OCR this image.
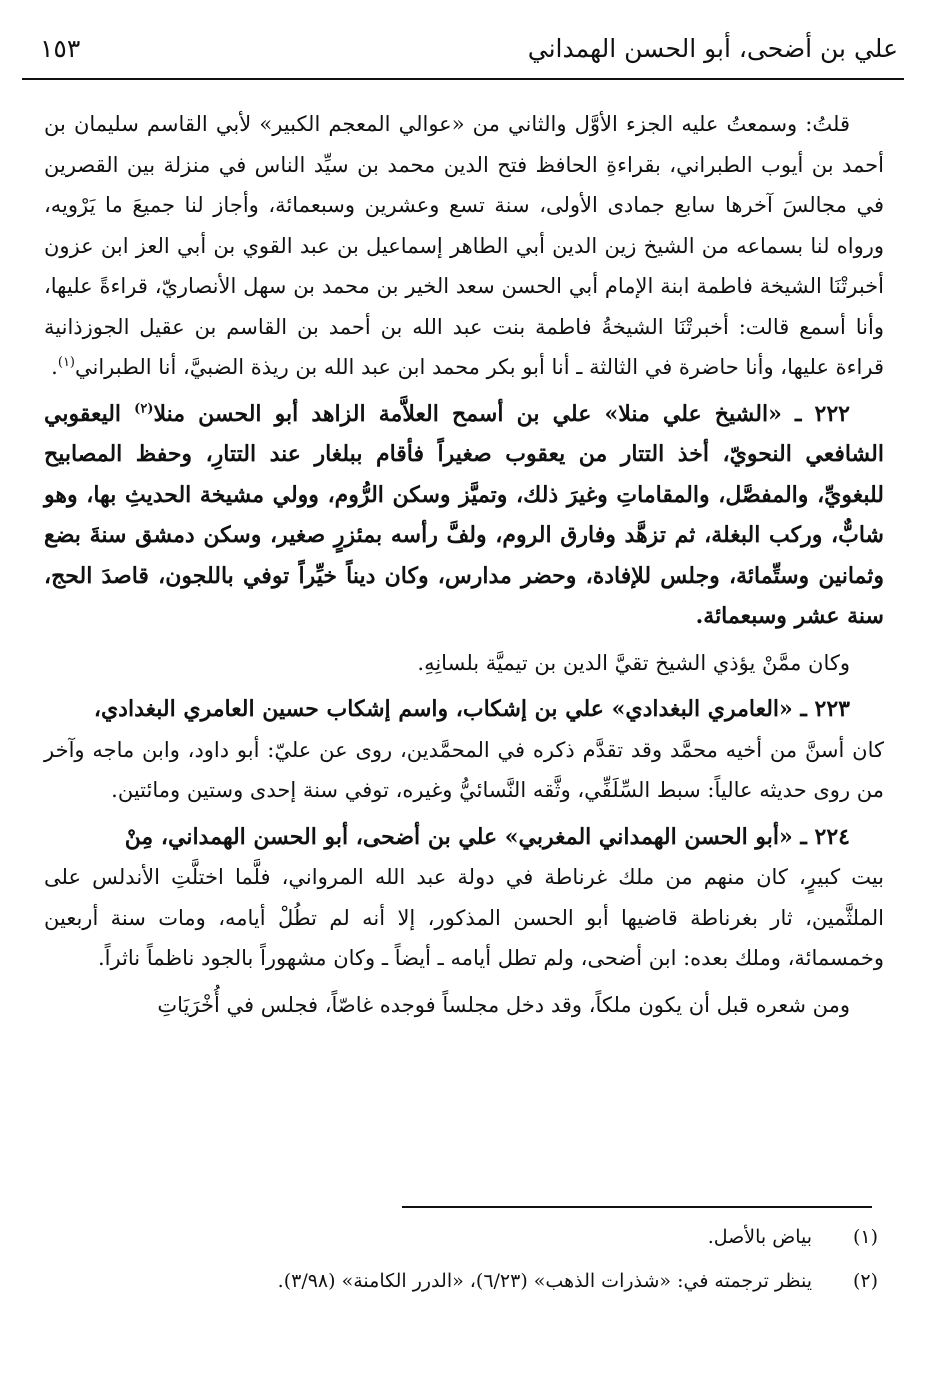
علي بن أضحى، أبو الحسن الهمداني
١٥٣

قلتُ: وسمعتُ عليه الجزء الأوَّل والثاني من «عوالي المعجم الكبير» لأبي القاسم سليمان بن أحمد بن أيوب الطبراني، بقراءةِ الحافظ فتح الدين محمد بن سيِّد الناس في منزلة بين القصرين في مجالسَ آخرها سابع جمادى الأولى، سنة تسع وعشرين وسبعمائة، وأجاز لنا جميعَ ما يَرْويه، ورواه لنا بسماعه من الشيخ زين الدين أبي الطاهر إسماعيل بن عبد القوي بن أبي العز ابن عزون أخبرتْنَا الشيخة فاطمة ابنة الإمام أبي الحسن سعد الخير بن محمد بن سهل الأنصاريّ، قراءةً عليها، وأنا أسمع قالت: أخبرتْنَا الشيخةُ فاطمة بنت عبد الله بن أحمد بن القاسم بن عقيل الجوزذانية قراءة عليها، وأنا حاضرة في الثالثة ـ أنا أبو بكر محمد ابن عبد الله بن ريذة الضبيَّ، أنا الطبراني$^{(١)}$.

٢٢٢ ـ «الشيخ علي منلا» علي بن أسمح العلاَّمة الزاهد أبو الحسن منلا$^{(٢)}$ اليعقوبي الشافعي النحويّ، أخذ التتار من يعقوب صغيراً فأقام ببلغار عند التتارِ، وحفظ المصابيح للبغويِّ، والمفصَّل، والمقاماتِ وغيرَ ذلك، وتميَّز وسكن الرُّوم، وولي مشيخة الحديثِ بها، وهو شابٌّ، وركب البغلة، ثم تزهَّد وفارق الروم، ولفَّ رأسه بمئزرٍ صغير، وسكن دمشق سنةَ بضع وثمانين وستِّمائة، وجلس للإفادة، وحضر مدارس، وكان ديناً خيِّراً توفي باللجون، قاصدَ الحج، سنة عشر وسبعمائة.

وكان ممَّنْ يؤذي الشيخ تقيَّ الدين بن تيميَّة بلسانِهِ.

٢٢٣ ـ «العامري البغدادي» علي بن إشكاب، واسم إشكاب حسين العامري البغدادي،

كان أسنَّ من أخيه محمَّد وقد تقدَّم ذكره في المحمَّدين، روى عن عليّ: أبو داود، وابن ماجه وآخر من روى حديثه عالياً: سبط السِّلَفِّي، وثَّقه النَّسائيُّ وغيره، توفي سنة إحدى وستين ومائتين.

٢٢٤ ـ «أبو الحسن الهمداني المغربي» علي بن أضحى، أبو الحسن الهمداني، مِنْ

بيت كبيرٍ، كان منهم من ملك غرناطة في دولة عبد الله المرواني، فلَّما اختلَّتِ الأندلس على الملثَّمين، ثار بغرناطة قاضيها أبو الحسن المذكور، إلا أنه لم تطُلْ أيامه، ومات سنة أربعين وخمسمائة، وملك بعده: ابن أضحى، ولم تطل أيامه ـ أيضاً ـ وكان مشهوراً بالجود ناظماً ناثراً.

ومن شعره قبل أن يكون ملكاً، وقد دخل مجلساً فوجده غاصّاً، فجلس في أُخْرَيَاتِ

(١)
بياض بالأصل.
(٢)
ينظر ترجمته في: «شذرات الذهب» (٦/٢٣)، «الدرر الكامنة» (٣/٩٨).
